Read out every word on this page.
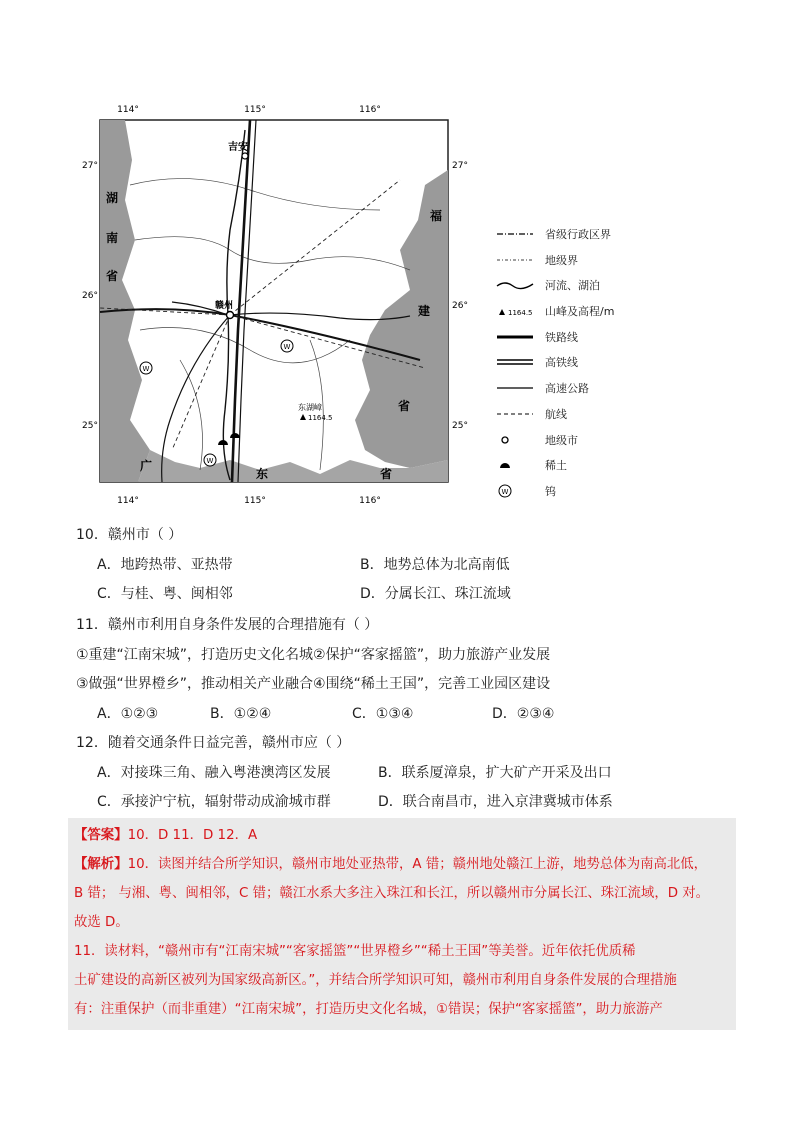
114°	115°	116°
114°	115°	116°
27°
26°
25°
27°
26°
25°
吉安
赣州
东湖嶂
1164.5
W
W
W
湖
南
省
福
建
省
广
东	省
省级行政区界
地级界
河流、湖泊
1164.5 山峰及高程/m
铁路线
高铁线
高速公路
航线
地级市
稀土
W	钨
10．赣州市（ ）
A．地跨热带、亚热带	B．地势总体为北高南低
C．与桂、粤、闽相邻	D．分属长江、珠江流域
11．赣州市利用自身条件发展的合理措施有（ ）
①重建“江南宋城”，打造历史文化名城②保护“客家摇篮”，助力旅游产业发展
③做强“世界橙乡”，推动相关产业融合④围绕“稀土王国”，完善工业园区建设
A．①②③	B．①②④	C．①③④	D．②③④
12．随着交通条件日益完善，赣州市应（ ）
A．对接珠三角、融入粤港澳湾区发展	B．联系厦漳泉，扩大矿产开采及出口
C．承接沪宁杭，辐射带动成渝城市群	D．联合南昌市，进入京津冀城市体系
【答案】10．D 11．D 12．A
【解析】10．读图并结合所学知识，赣州市地处亚热带，A 错；赣州地处赣江上游，地势总体为南高北低，
B 错； 与湘、粤、闽相邻，C 错；赣江水系大多注入珠江和长江，所以赣州市分属长江、珠江流域，D 对。
故选 D。
11．读材料，“赣州市有“江南宋城”“客家摇篮”“世界橙乡”“稀土王国”等美誉。近年依托优质稀
土矿建设的高新区被列为国家级高新区。”，并结合所学知识可知，赣州市利用自身条件发展的合理措施
有：注重保护（而非重建）“江南宋城”，打造历史文化名城，①错误；保护“客家摇篮”，助力旅游产
